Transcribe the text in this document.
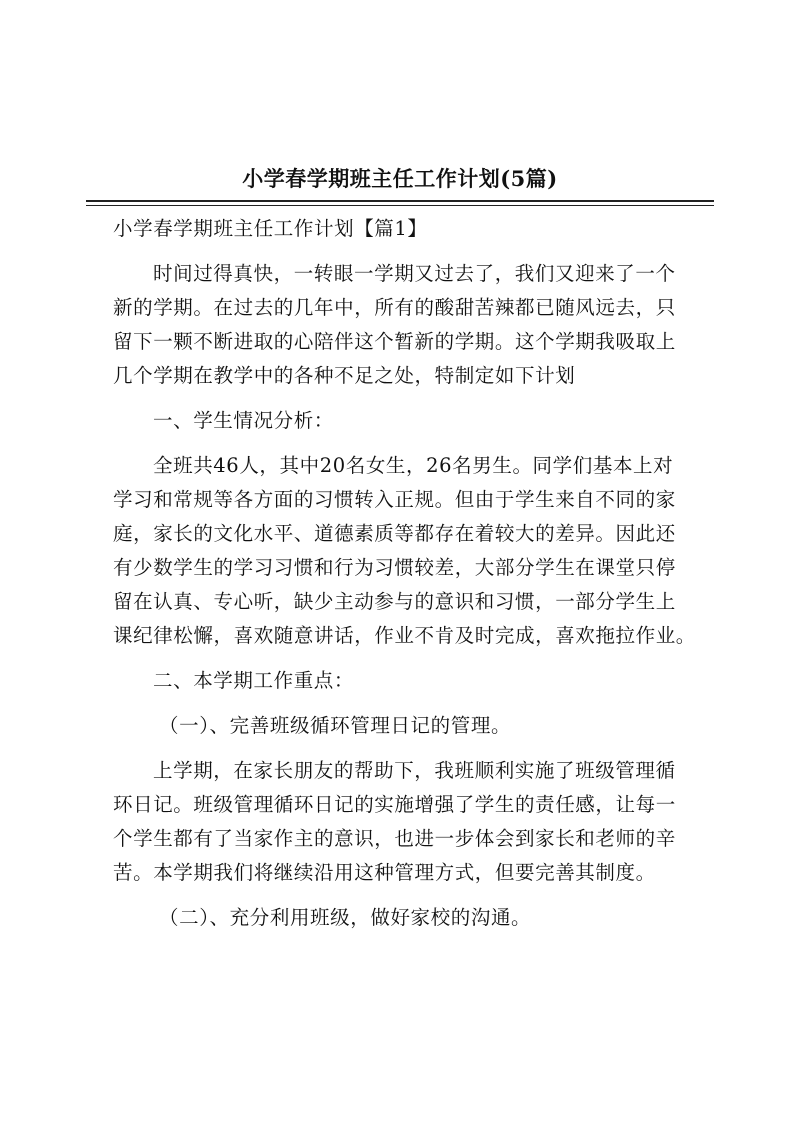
小学春学期班主任工作计划(5篇)

小学春学期班主任工作计划【篇1】

时间过得真快，一转眼一学期又过去了，我们又迎来了一个

新的学期。在过去的几年中，所有的酸甜苦辣都已随风远去，只

留下一颗不断进取的心陪伴这个暂新的学期。这个学期我吸取上

几个学期在教学中的各种不足之处，特制定如下计划

一、学生情况分析：

全班共46人，其中20名女生，26名男生。同学们基本上对

学习和常规等各方面的习惯转入正规。但由于学生来自不同的家

庭，家长的文化水平、道德素质等都存在着较大的差异。因此还

有少数学生的学习习惯和行为习惯较差，大部分学生在课堂只停

留在认真、专心听，缺少主动参与的意识和习惯，一部分学生上

课纪律松懈，喜欢随意讲话，作业不肯及时完成，喜欢拖拉作业。

二、本学期工作重点：

（一）、完善班级循环管理日记的管理。

上学期，在家长朋友的帮助下，我班顺利实施了班级管理循

环日记。班级管理循环日记的实施增强了学生的责任感，让每一

个学生都有了当家作主的意识，也进一步体会到家长和老师的辛

苦。本学期我们将继续沿用这种管理方式，但要完善其制度。

（二）、充分利用班级，做好家校的沟通。
